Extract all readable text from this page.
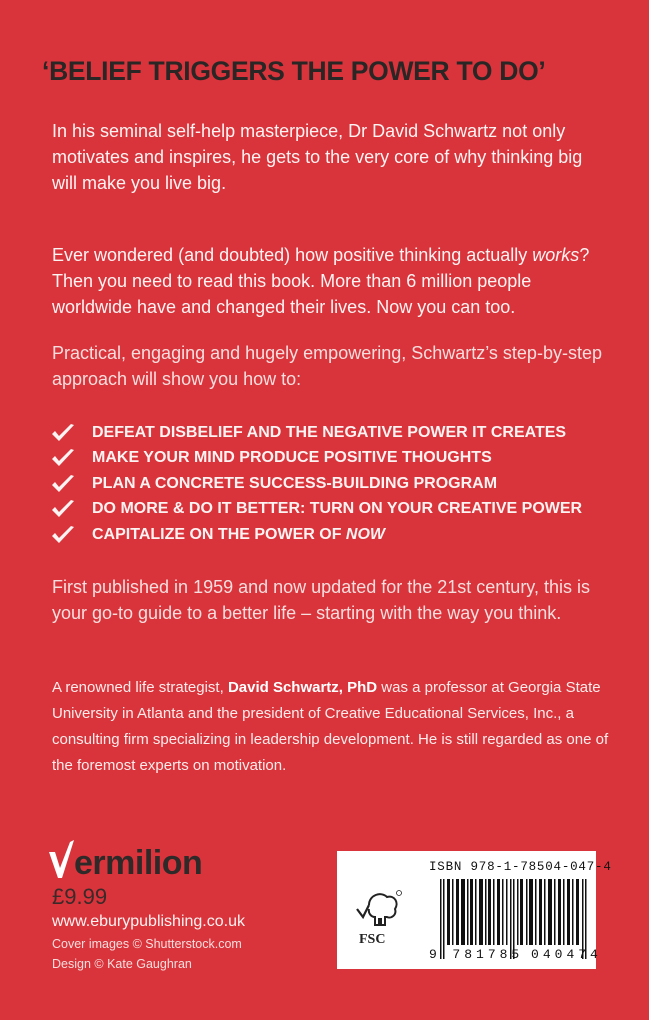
‘BELIEF TRIGGERS THE POWER TO DO’

In his seminal self-help masterpiece, Dr David Schwartz not only motivates and inspires, he gets to the very core of why thinking big will make you live big.

Ever wondered (and doubted) how positive thinking actually works? Then you need to read this book. More than 6 million people worldwide have and changed their lives. Now you can too.

Practical, engaging and hugely empowering, Schwartz’s step-by-step approach will show you how to:

DEFEAT DISBELIEF AND THE NEGATIVE POWER IT CREATES
MAKE YOUR MIND PRODUCE POSITIVE THOUGHTS
PLAN A CONCRETE SUCCESS-BUILDING PROGRAM
DO MORE & DO IT BETTER: TURN ON YOUR CREATIVE POWER
CAPITALIZE ON THE POWER OF NOW

First published in 1959 and now updated for the 21st century, this is your go-to guide to a better life – starting with the way you think.

A renowned life strategist, David Schwartz, PhD was a professor at Georgia State University in Atlanta and the president of Creative Educational Services, Inc., a consulting firm specializing in leadership development. He is still regarded as one of the foremost experts on motivation.

ermilion
£9.99
www.eburypublishing.co.uk
Cover images © Shutterstock.com
Design © Kate Gaughran
FSC
ISBN 978-1-78504-047-4
9 781785 040474
